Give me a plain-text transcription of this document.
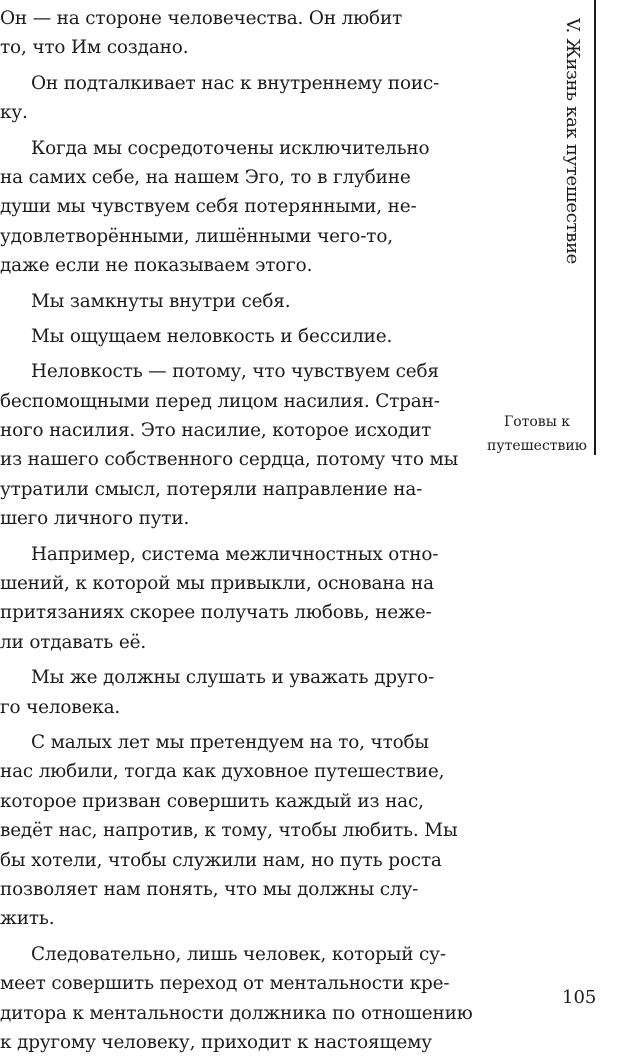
Он — на стороне человечества. Он любит
то, что Им создано.
Он подталкивает нас к внутреннему поис-
ку.
Когда мы сосредоточены исключительно
на самих себе, на нашем Эго, то в глубине
души мы чувствуем себя потерянными, не-
удовлетворёнными, лишёнными чего-то,
даже если не показываем этого.
Мы замкнуты внутри себя.
Мы ощущаем неловкость и бессилие.
Неловкость — потому, что чувствуем себя
беспомощными перед лицом насилия. Стран-
ного насилия. Это насилие, которое исходит
из нашего собственного сердца, потому что мы
утратили смысл, потеряли направление на-
шего личного пути.
Например, система межличностных отно-
шений, к которой мы привыкли, основана на
притязаниях скорее получать любовь, неже-
ли отдавать её.
Мы же должны слушать и уважать друго-
го человека.
С малых лет мы претендуем на то, чтобы
нас любили, тогда как духовное путешествие,
которое призван совершить каждый из нас,
ведёт нас, напротив, к тому, чтобы любить. Мы
бы хотели, чтобы служили нам, но путь роста
позволяет нам понять, что мы должны слу-
жить.
Следовательно, лишь человек, который су-
меет совершить переход от ментальности кре-
дитора к ментальности должника по отношению
к другому человеку, приходит к настоящему
V. Жизнь как путешествие
Готовы к
путешествию
105
